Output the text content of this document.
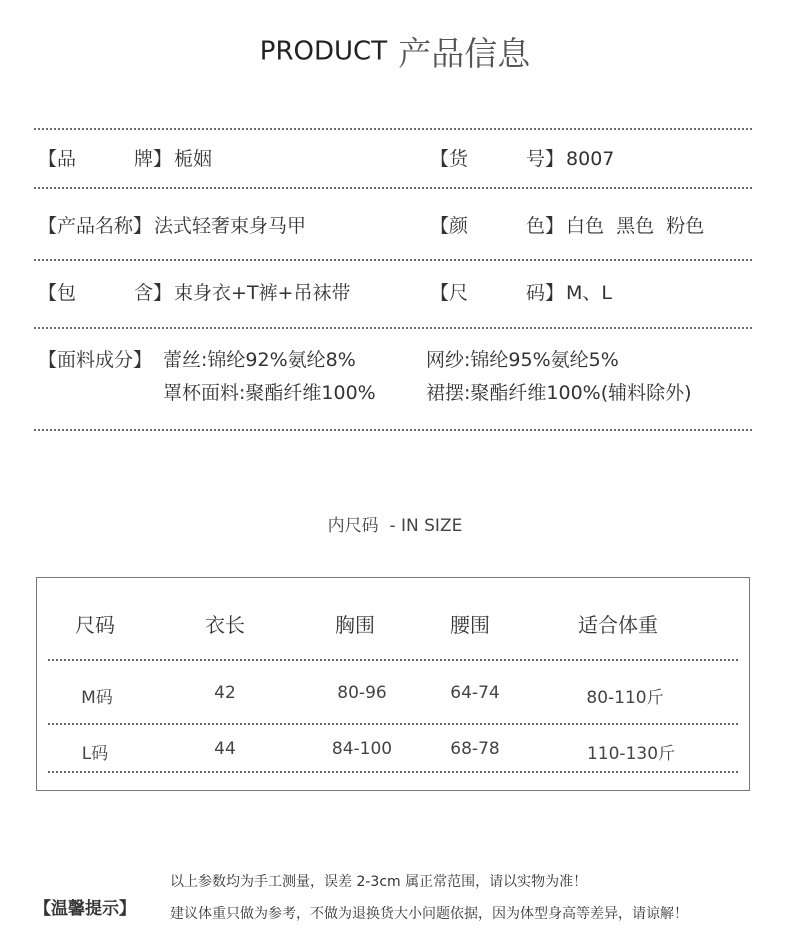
PRODUCT 产品信息
【品	牌】 栀姻	【货	号】 8007
【产品名称】 法式轻奢束身马甲	【颜	色】 白色  黑色  粉色
【包	含】 束身衣+T裤+吊袜带	【尺	码】 M、L
【面料成分】 蕾丝:锦纶92%氨纶8%	网纱:锦纶95%氨纶5%
罩杯面料:聚酯纤维100%	裙摆:聚酯纤维100%(辅料除外)
内尺码  - IN SIZE
尺码	衣长	胸围	腰围	适合体重
M码	42	80-96	64-74	80-110斤
L码	44	84-100	68-78	110-130斤
【温馨提示】
以上参数均为手工测量，误差 2-3cm 属正常范围，请以实物为准！
建议体重只做为参考，不做为退换货大小问题依据，因为体型身高等差异，请谅解！
